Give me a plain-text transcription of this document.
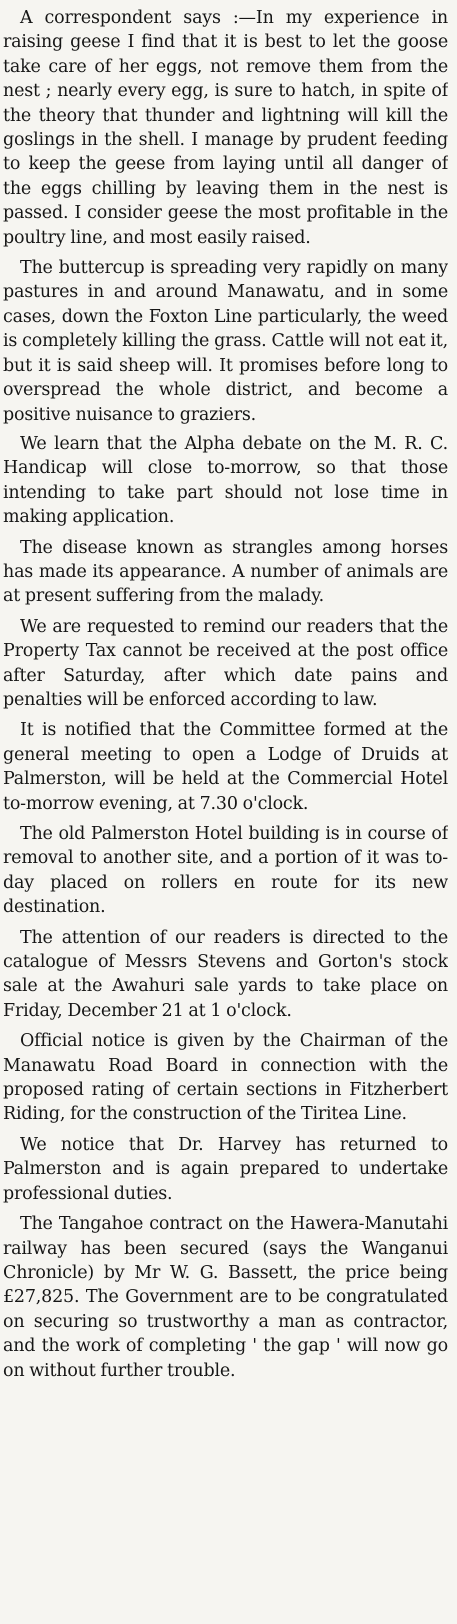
A correspondent says :—In my experience in raising geese I find that it is best to let the goose take care of her eggs, not remove them from the nest ; nearly every egg, is sure to hatch, in spite of the theory that thunder and lightning will kill the goslings in the shell. I manage by prudent feeding to keep the geese from laying until all danger of the eggs chilling by leaving them in the nest is passed. I consider geese the most profitable in the poultry line, and most easily raised.

The buttercup is spreading very rapidly on many pastures in and around Manawatu, and in some cases, down the Foxton Line particularly, the weed is completely killing the grass. Cattle will not eat it, but it is said sheep will. It promises before long to overspread the whole district, and become a positive nuisance to graziers.

We learn that the Alpha debate on the M. R. C. Handicap will close to-morrow, so that those intending to take part should not lose time in making application.

The disease known as strangles among horses has made its appearance. A number of animals are at present suffering from the malady.

We are requested to remind our readers that the Property Tax cannot be received at the post office after Saturday, after which date pains and penalties will be enforced according to law.

It is notified that the Committee formed at the general meeting to open a Lodge of Druids at Palmerston, will be held at the Commercial Hotel to-morrow evening, at 7.30 o'clock.

The old Palmerston Hotel building is in course of removal to another site, and a portion of it was to-day placed on rollers en route for its new destination.

The attention of our readers is directed to the catalogue of Messrs Stevens and Gorton's stock sale at the Awahuri sale yards to take place on Friday, December 21 at 1 o'clock.

Official notice is given by the Chairman of the Manawatu Road Board in connection with the proposed rating of certain sections in Fitzherbert Riding, for the construction of the Tiritea Line.

We notice that Dr. Harvey has returned to Palmerston and is again prepared to undertake professional duties.

The Tangahoe contract on the Hawera-Manutahi railway has been secured (says the Wanganui Chronicle) by Mr W. G. Bassett, the price being £27,825. The Government are to be congratulated on securing so trustworthy a man as contractor, and the work of completing ' the gap ' will now go on without further trouble.
